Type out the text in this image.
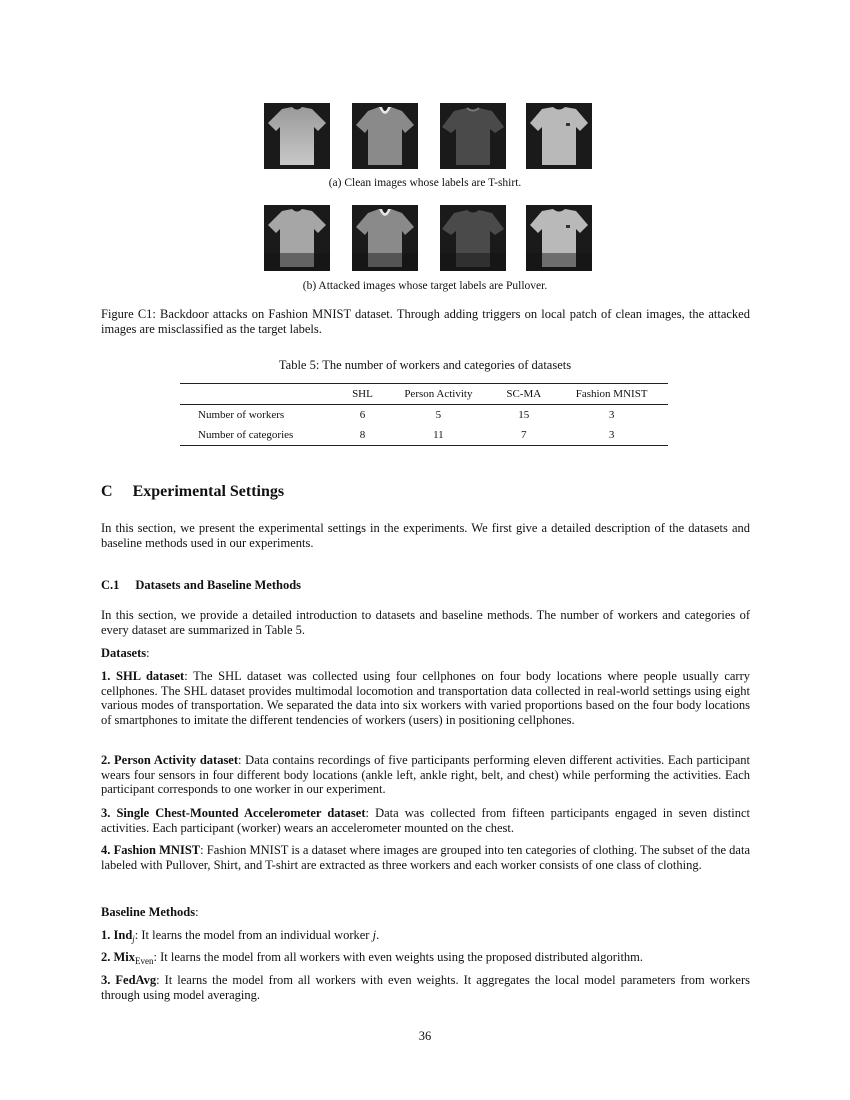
(a) Clean images whose labels are T-shirt.
(b) Attacked images whose target labels are Pullover.
Figure C1: Backdoor attacks on Fashion MNIST dataset. Through adding triggers on local patch of clean images, the attacked images are misclassified as the target labels.
Table 5: The number of workers and categories of datasets
	SHL	Person Activity	SC-MA	Fashion MNIST
Number of workers	6	5	15	3
Number of categories	8	11	7	3
C Experimental Settings
In this section, we present the experimental settings in the experiments. We first give a detailed description of the datasets and baseline methods used in our experiments.
C.1 Datasets and Baseline Methods
In this section, we provide a detailed introduction to datasets and baseline methods. The number of workers and categories of every dataset are summarized in Table 5.
Datasets:
1. SHL dataset: The SHL dataset was collected using four cellphones on four body locations where people usually carry cellphones. The SHL dataset provides multimodal locomotion and transportation data collected in real-world settings using eight various modes of transportation. We separated the data into six workers with varied proportions based on the four body locations of smartphones to imitate the different tendencies of workers (users) in positioning cellphones.
2. Person Activity dataset: Data contains recordings of five participants performing eleven different activities. Each participant wears four sensors in four different body locations (ankle left, ankle right, belt, and chest) while performing the activities. Each participant corresponds to one worker in our experiment.
3. Single Chest-Mounted Accelerometer dataset: Data was collected from fifteen participants engaged in seven distinct activities. Each participant (worker) wears an accelerometer mounted on the chest.
4. Fashion MNIST: Fashion MNIST is a dataset where images are grouped into ten categories of clothing. The subset of the data labeled with Pullover, Shirt, and T-shirt are extracted as three workers and each worker consists of one class of clothing.
Baseline Methods:
1. Ind$_j$: It learns the model from an individual worker j.
2. Mix$_{Even}$: It learns the model from all workers with even weights using the proposed distributed algorithm.
3. FedAvg: It learns the model from all workers with even weights. It aggregates the local model parameters from workers through using model averaging.
36
